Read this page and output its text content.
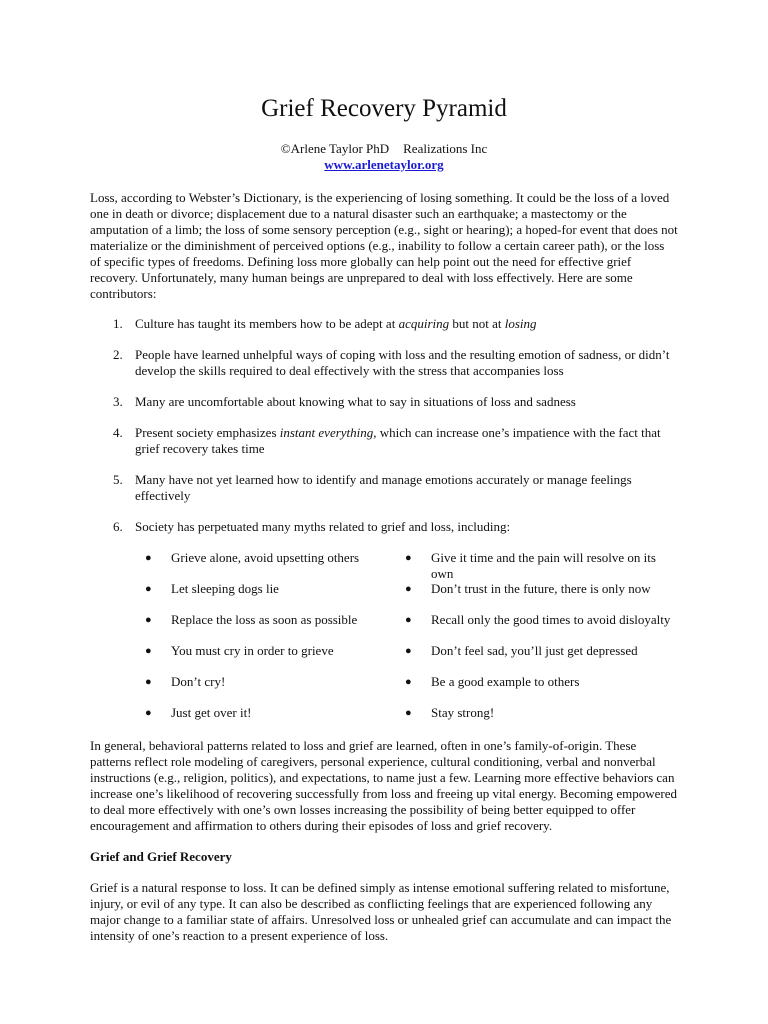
Grief Recovery Pyramid
©Arlene Taylor PhD Realizations Inc
www.arlenetaylor.org

Loss, according to Webster’s Dictionary, is the experiencing of losing something. It could be the loss of a loved one in death or divorce; displacement due to a natural disaster such an earthquake; a mastectomy or the amputation of a limb; the loss of some sensory perception (e.g., sight or hearing); a hoped-for event that does not materialize or the diminishment of perceived options (e.g., inability to follow a certain career path), or the loss of specific types of freedoms. Defining loss more globally can help point out the need for effective grief recovery. Unfortunately, many human beings are unprepared to deal with loss effectively. Here are some contributors:

1. Culture has taught its members how to be adept at acquiring but not at losing
2. People have learned unhelpful ways of coping with loss and the resulting emotion of sadness, or didn’t develop the skills required to deal effectively with the stress that accompanies loss
3. Many are uncomfortable about knowing what to say in situations of loss and sadness
4. Present society emphasizes instant everything, which can increase one’s impatience with the fact that grief recovery takes time
5. Many have not yet learned how to identify and manage emotions accurately or manage feelings effectively
6. Society has perpetuated many myths related to grief and loss, including:
● Grieve alone, avoid upsetting others	● Give it time and the pain will resolve on its own
● Let sleeping dogs lie	● Don’t trust in the future, there is only now
● Replace the loss as soon as possible	● Recall only the good times to avoid disloyalty
● You must cry in order to grieve	● Don’t feel sad, you’ll just get depressed
● Don’t cry!	● Be a good example to others
● Just get over it!	● Stay strong!

In general, behavioral patterns related to loss and grief are learned, often in one’s family-of-origin. These patterns reflect role modeling of caregivers, personal experience, cultural conditioning, verbal and nonverbal instructions (e.g., religion, politics), and expectations, to name just a few. Learning more effective behaviors can increase one’s likelihood of recovering successfully from loss and freeing up vital energy. Becoming empowered to deal more effectively with one’s own losses increasing the possibility of being better equipped to offer encouragement and affirmation to others during their episodes of loss and grief recovery.

Grief and Grief Recovery

Grief is a natural response to loss. It can be defined simply as intense emotional suffering related to misfortune, injury, or evil of any type. It can also be described as conflicting feelings that are experienced following any major change to a familiar state of affairs. Unresolved loss or unhealed grief can accumulate and can impact the intensity of one’s reaction to a present experience of loss.
